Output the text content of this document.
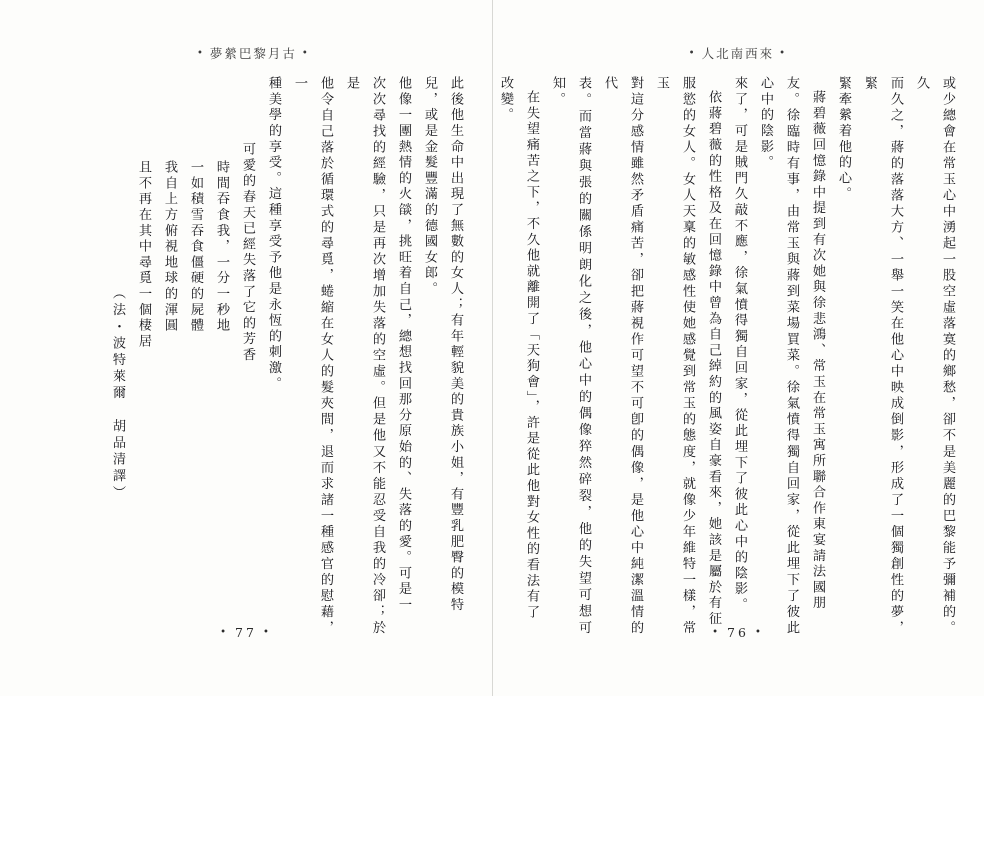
• 夢縈巴黎月古 •
此後他生命中出現了無數的女人；有年輕貌美的貴族小姐，有豐乳肥臀的模特
兒，或是金髮豐滿的德國女郎。
他像一團熱情的火燄，挑旺着自己，總想找回那分原始的、失落的愛。可是一
次次尋找的經驗，只是再次增加失落的空虛。但是他又不能忍受自我的冷卻；於是
他令自己落於循環式的尋覓，蜷縮在女人的髮夾間，退而求諸一種感官的慰藉，一
種美學的享受。這種享受予他是永恆的刺激。
可愛的春天已經失落了它的芳香
時間吞食我，一分一秒地
一如積雪吞食僵硬的屍體
我自上方俯視地球的渾圓
且不再在其中尋覓一個棲居
（法・波特萊爾　胡品清譯）
• 77 •
• 人北南西來 •
或少總會在常玉心中湧起一股空虛落寞的鄉愁，卻不是美麗的巴黎能予彌補的。久
而久之，蔣的落落大方、一舉一笑在他心中映成倒影，形成了一個獨創性的夢，緊
緊牽縈着他的心。
蔣碧薇回憶錄中提到有次她與徐悲鴻、常玉在常玉寓所聯合作東宴請法國朋
友。徐臨時有事，由常玉與蔣到菜場買菜。徐氣憤得獨自回家，從此埋下了彼此心中的陰影。
來了，可是賊門久敲不應，徐氣憤得獨自回家，從此埋下了彼此心中的陰影。
依蔣碧薇的性格及在回憶錄中曾為自己綽約的風姿自豪看來，她該是屬於有征
服慾的女人。女人天稟的敏感性使她感覺到常玉的態度，就像少年維特一樣，常玉
對這分感情雖然矛盾痛苦，卻把蔣視作可望不可卽的偶像，是他心中純潔溫情的代
表。而當蔣與張的關係明朗化之後，他心中的偶像猝然碎裂，他的失望可想可知。
在失望痛苦之下，不久他就離開了「天狗會」，許是從此他對女性的看法有了
改變。
• 76 •
